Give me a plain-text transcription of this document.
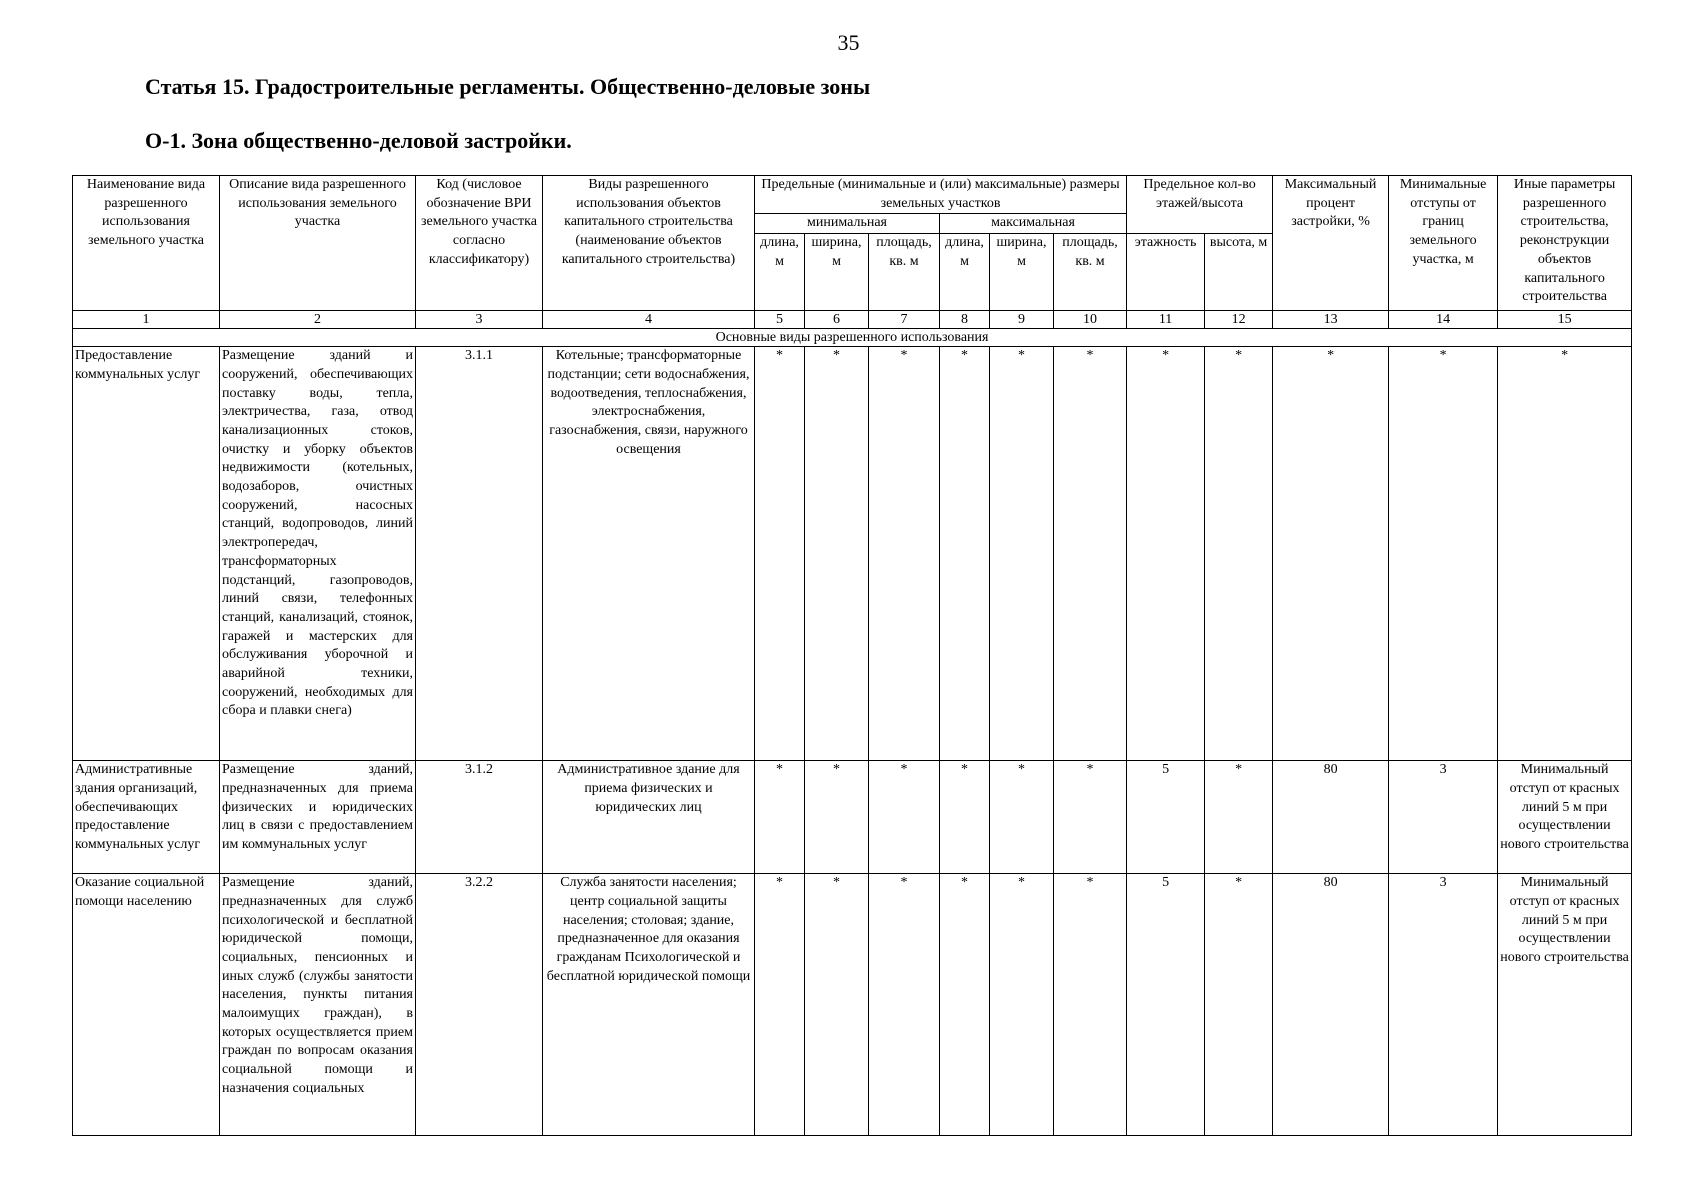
35
Статья 15. Градостроительные регламенты. Общественно-деловые зоны
О-1. Зона общественно-деловой застройки.
Наименование вида разрешенного использования земельного участка	Описание вида разрешенного использования земельного участка	Код (числовое обозначение ВРИ земельного участка согласно классификатору)	Виды разрешенного использования объектов капитального строительства (наименование объектов капитального строительства)	Предельные (минимальные и (или) максимальные) размеры земельных участков						Предельное кол-во этажей/высота		Максимальный процент застройки, %	Минимальные отступы от границ земельного участка, м	Иные параметры разрешенного строительства, реконструкции объектов капитального строительства

				минимальная			максимальная							
				длина, м	ширина, м	площадь, кв. м	длина, м	ширина, м	площадь, кв. м	этажность	высота, м			
1	2	3	4	5	6	7	8	9	10	11	12	13	14	15
Основные виды разрешенного использования														
Предоставление коммунальных услуг	Размещение зданий и сооружений, обеспечивающих поставку воды, тепла, электричества, газа, отвод канализационных стоков, очистку и уборку объектов недвижимости (котельных, водозаборов, очистных сооружений, насосных станций, водопроводов, линий электропередач, трансформаторных подстанций, газопроводов, линий связи, телефонных станций, канализаций, стоянок, гаражей и мастерских для обслуживания уборочной и аварийной техники, сооружений, необходимых для сбора и плавки снега)	3.1.1	Котельные; трансформаторные подстанции; сети водоснабжения, водоотведения, теплоснабжения, электроснабжения, газоснабжения, связи, наружного освещения	*	*	*	*	*	*	*	*	*	*	*
Административные здания организаций, обеспечивающих предоставление коммунальных услуг	Размещение зданий, предназначенных для приема физических и юридических лиц в связи с предоставлением им коммунальных услуг	3.1.2	Административное здание для приема физических и юридических лиц	*	*	*	*	*	*	5	*	80	3	Минимальный отступ от красных линий 5 м при осуществлении нового строительства
Оказание социальной помощи населению	Размещение зданий, предназначенных для служб психологической и бесплатной юридической помощи, социальных, пенсионных и иных служб (службы занятости населения, пункты питания малоимущих граждан), в которых осуществляется прием граждан по вопросам оказания социальной помощи и назначения социальных	3.2.2	Служба занятости населения; центр социальной защиты населения; столовая; здание, предназначенное для оказания гражданам Психологической и бесплатной юридической помощи	*	*	*	*	*	*	5	*	80	3	Минимальный отступ от красных линий 5 м при осуществлении нового строительства
